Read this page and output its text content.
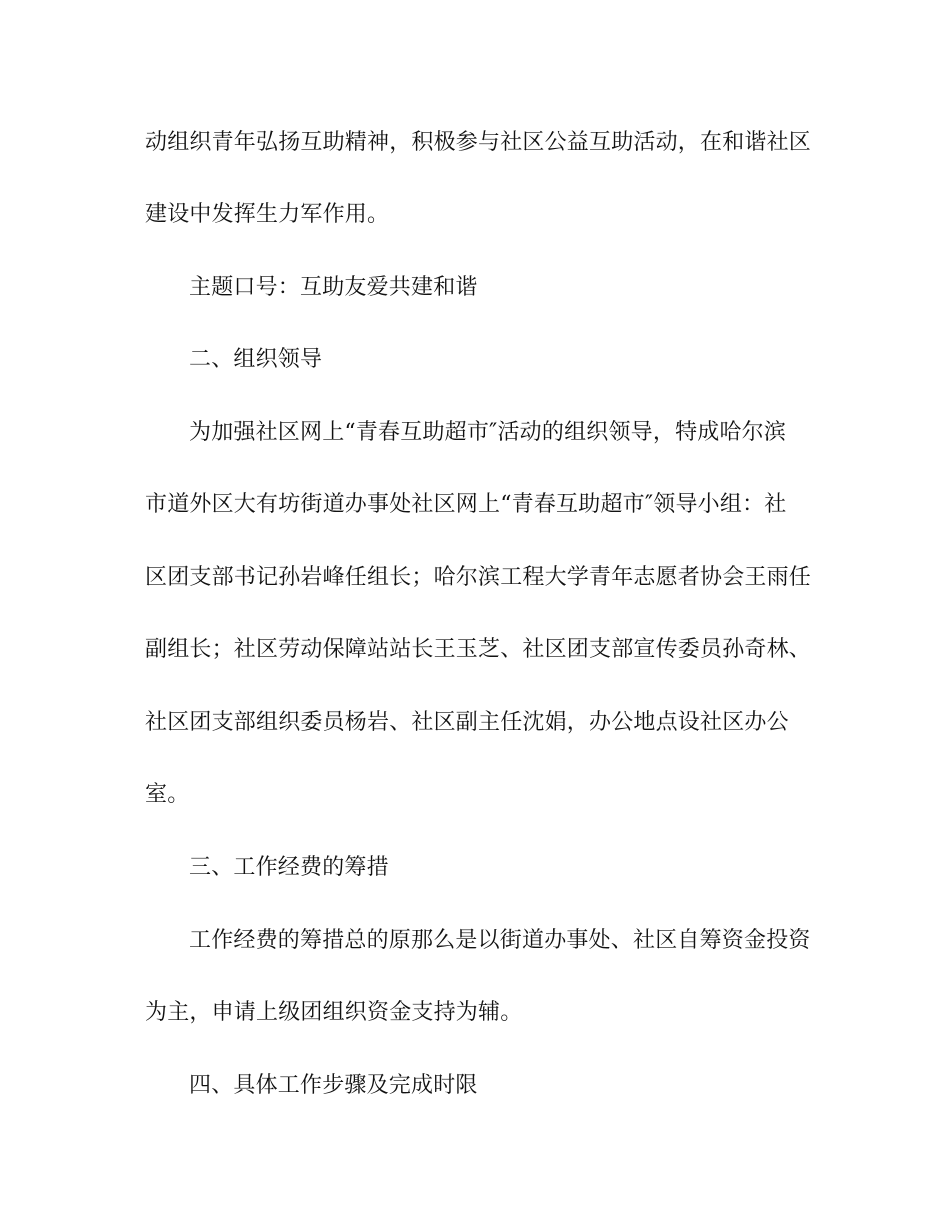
动组织青年弘扬互助精神，积极参与社区公益互助活动，在和谐社区
建设中发挥生力军作用。
主题口号：互助友爱共建和谐
二、组织领导
为加强社区网上“青春互助超市″活动的组织领导，特成哈尔滨
市道外区大有坊街道办事处社区网上“青春互助超市″领导小组：社
区团支部书记孙岩峰任组长；哈尔滨工程大学青年志愿者协会王雨任
副组长；社区劳动保障站站长王玉芝、社区团支部宣传委员孙奇林、
社区团支部组织委员杨岩、社区副主任沈娟，办公地点设社区办公
室。
三、工作经费的筹措
工作经费的筹措总的原那么是以街道办事处、社区自筹资金投资
为主，申请上级团组织资金支持为辅。
四、具体工作步骤及完成时限
